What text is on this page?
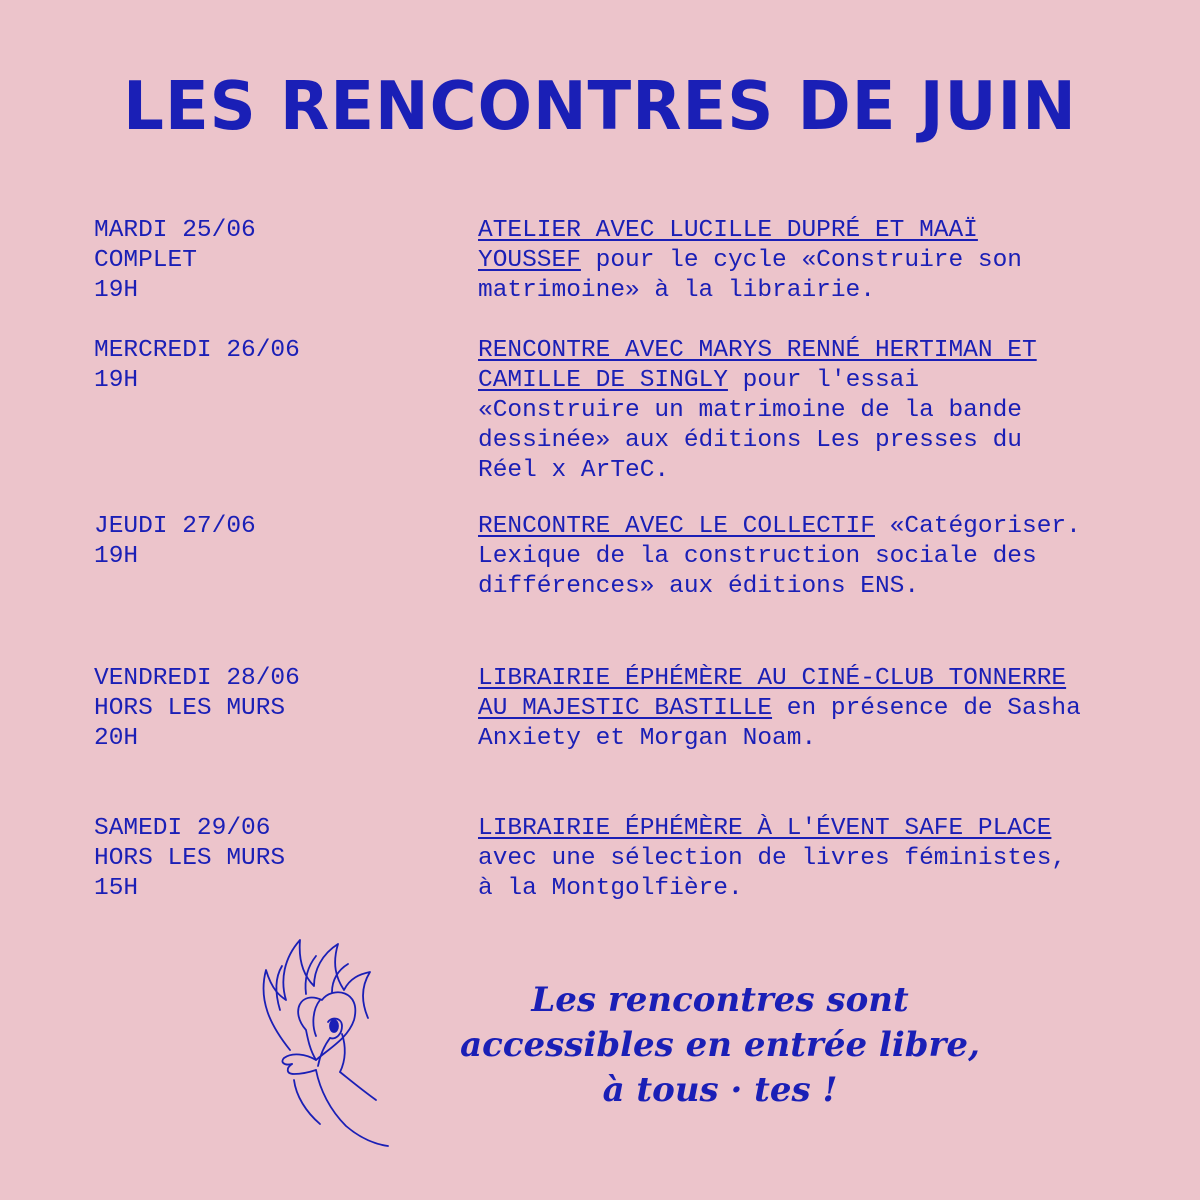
LES RENCONTRES DE JUIN
MARDI 25/06
COMPLET
19H

ATELIER AVEC LUCILLE DUPRÉ ET MAAÏ YOUSSEF pour le cycle «Construire son matrimoine» à la librairie.

MERCREDI 26/06
19H

RENCONTRE AVEC MARYS RENNÉ HERTIMAN ET CAMILLE DE SINGLY pour l'essai «Construire un matrimoine de la bande dessinée» aux éditions Les presses du Réel x ArTeC.

JEUDI 27/06
19H

RENCONTRE AVEC LE COLLECTIF «Catégoriser. Lexique de la construction sociale des différences» aux éditions ENS.

VENDREDI 28/06
HORS LES MURS
20H

LIBRAIRIE ÉPHÉMÈRE AU CINÉ-CLUB TONNERRE AU MAJESTIC BASTILLE en présence de Sasha Anxiety et Morgan Noam.

SAMEDI 29/06
HORS LES MURS
15H

LIBRAIRIE ÉPHÉMÈRE À L'ÉVENT SAFE PLACE avec une sélection de livres féministes, à la Montgolfière.

Les rencontres sont
accessibles en entrée libre,
à tous · tes !
